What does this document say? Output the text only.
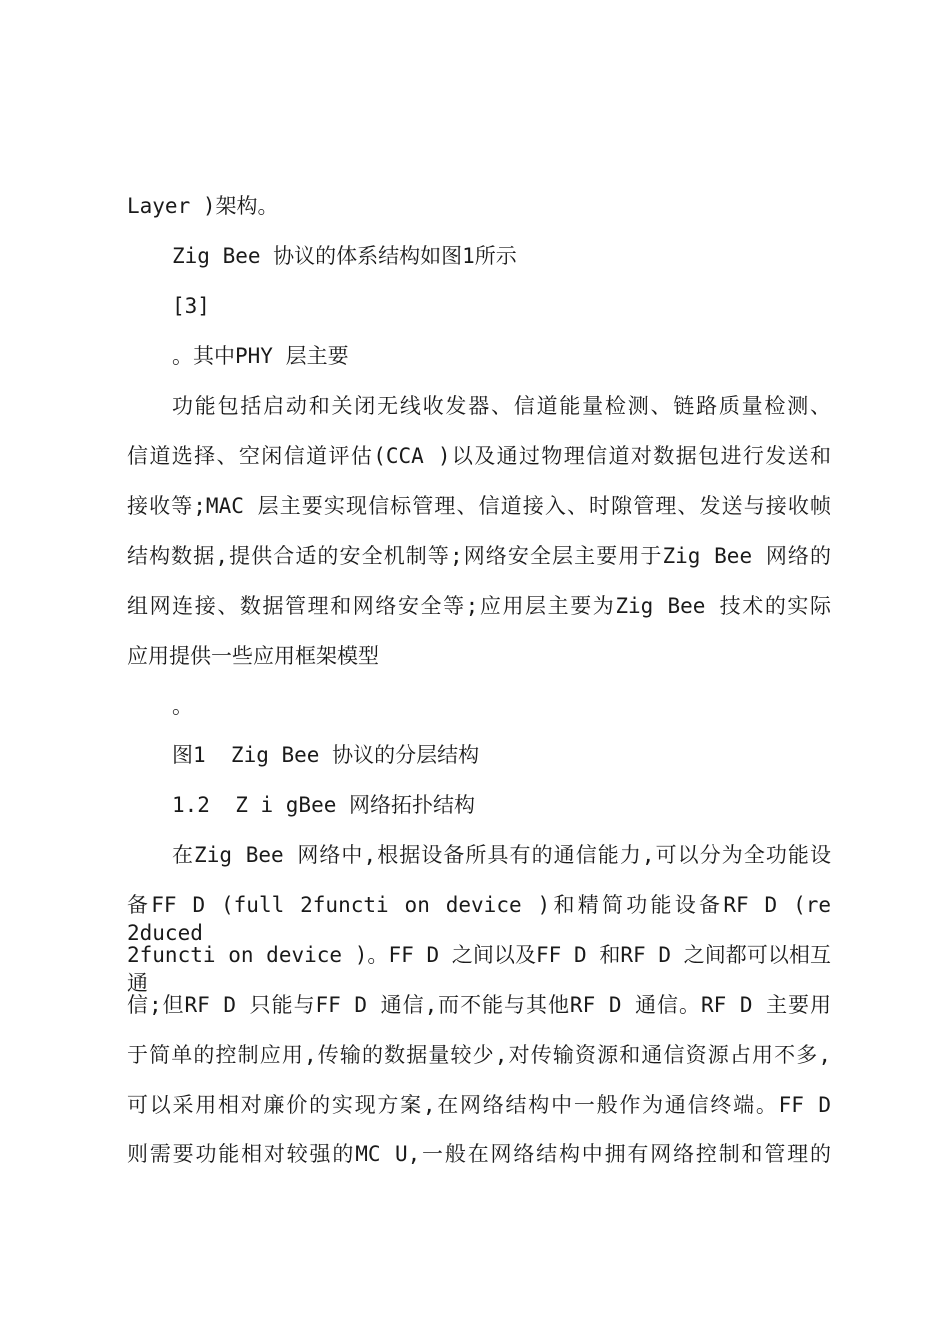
Layer )架构。
Zig Bee 协议的体系结构如图1所示
[3]
。其中PHY 层主要
功能包括启动和关闭无线收发器、信道能量检测、链路质量检测、
信道选择、空闲信道评估(CCA )以及通过物理信道对数据包进行发送和
接收等;MAC 层主要实现信标管理、信道接入、时隙管理、发送与接收帧
结构数据,提供合适的安全机制等;网络安全层主要用于Zig Bee 网络的
组网连接、数据管理和网络安全等;应用层主要为Zig Bee 技术的实际
应用提供一些应用框架模型
。
图1  Zig Bee 协议的分层结构
1.2  Z i gBee 网络拓扑结构
在Zig Bee 网络中,根据设备所具有的通信能力,可以分为全功能设
备FF D (full 2functi on device )和精简功能设备RF D (re 2duced
2functi on device )。FF D 之间以及FF D 和RF D 之间都可以相互通
信;但RF D 只能与FF D 通信,而不能与其他RF D 通信。RF D 主要用
于简单的控制应用,传输的数据量较少,对传输资源和通信资源占用不多,
可以采用相对廉价的实现方案,在网络结构中一般作为通信终端。FF D
则需要功能相对较强的MC U,一般在网络结构中拥有网络控制和管理的
